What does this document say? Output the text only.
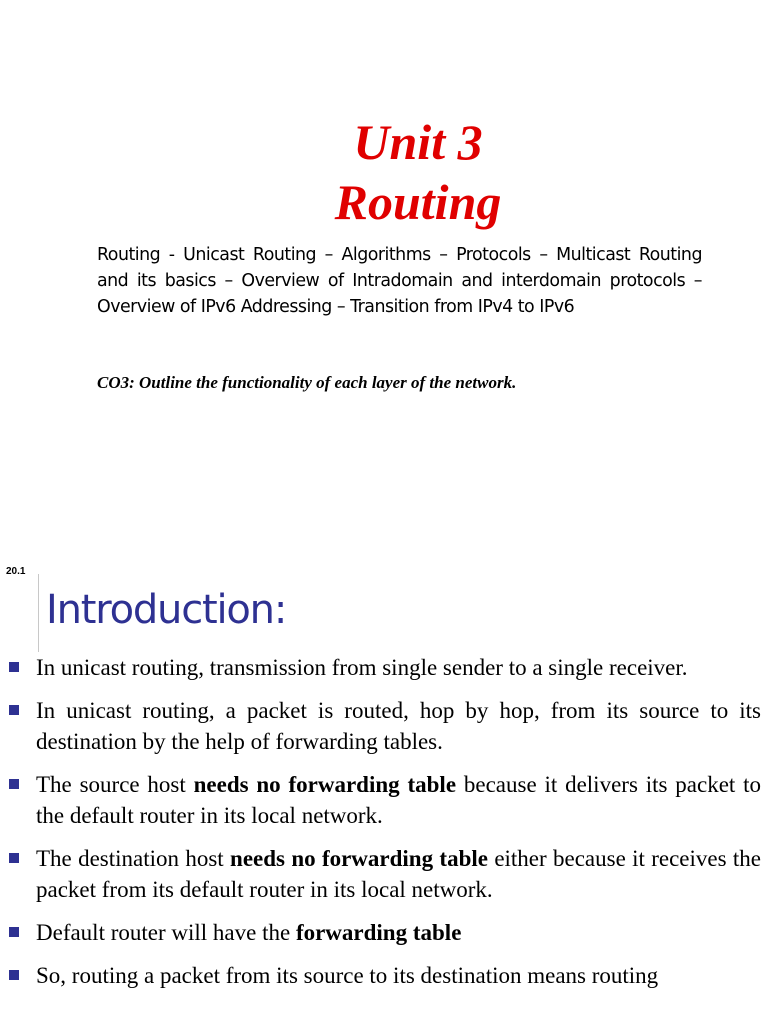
Unit 3
Routing
Routing - Unicast Routing – Algorithms – Protocols – Multicast Routing and its basics – Overview of Intradomain and interdomain protocols – Overview of IPv6 Addressing – Transition from IPv4 to IPv6
CO3: Outline the functionality of each layer of the network.
20.1
Introduction:
In unicast routing, transmission from single sender to a single receiver.
In unicast routing, a packet is routed, hop by hop, from its source to its destination by the help of forwarding tables.
The source host needs no forwarding table because it delivers its packet to the default router in its local network.
The destination host needs no forwarding table either because it receives the packet from its default router in its local network.
Default router will have the forwarding table
So, routing a packet from its source to its destination means routing
